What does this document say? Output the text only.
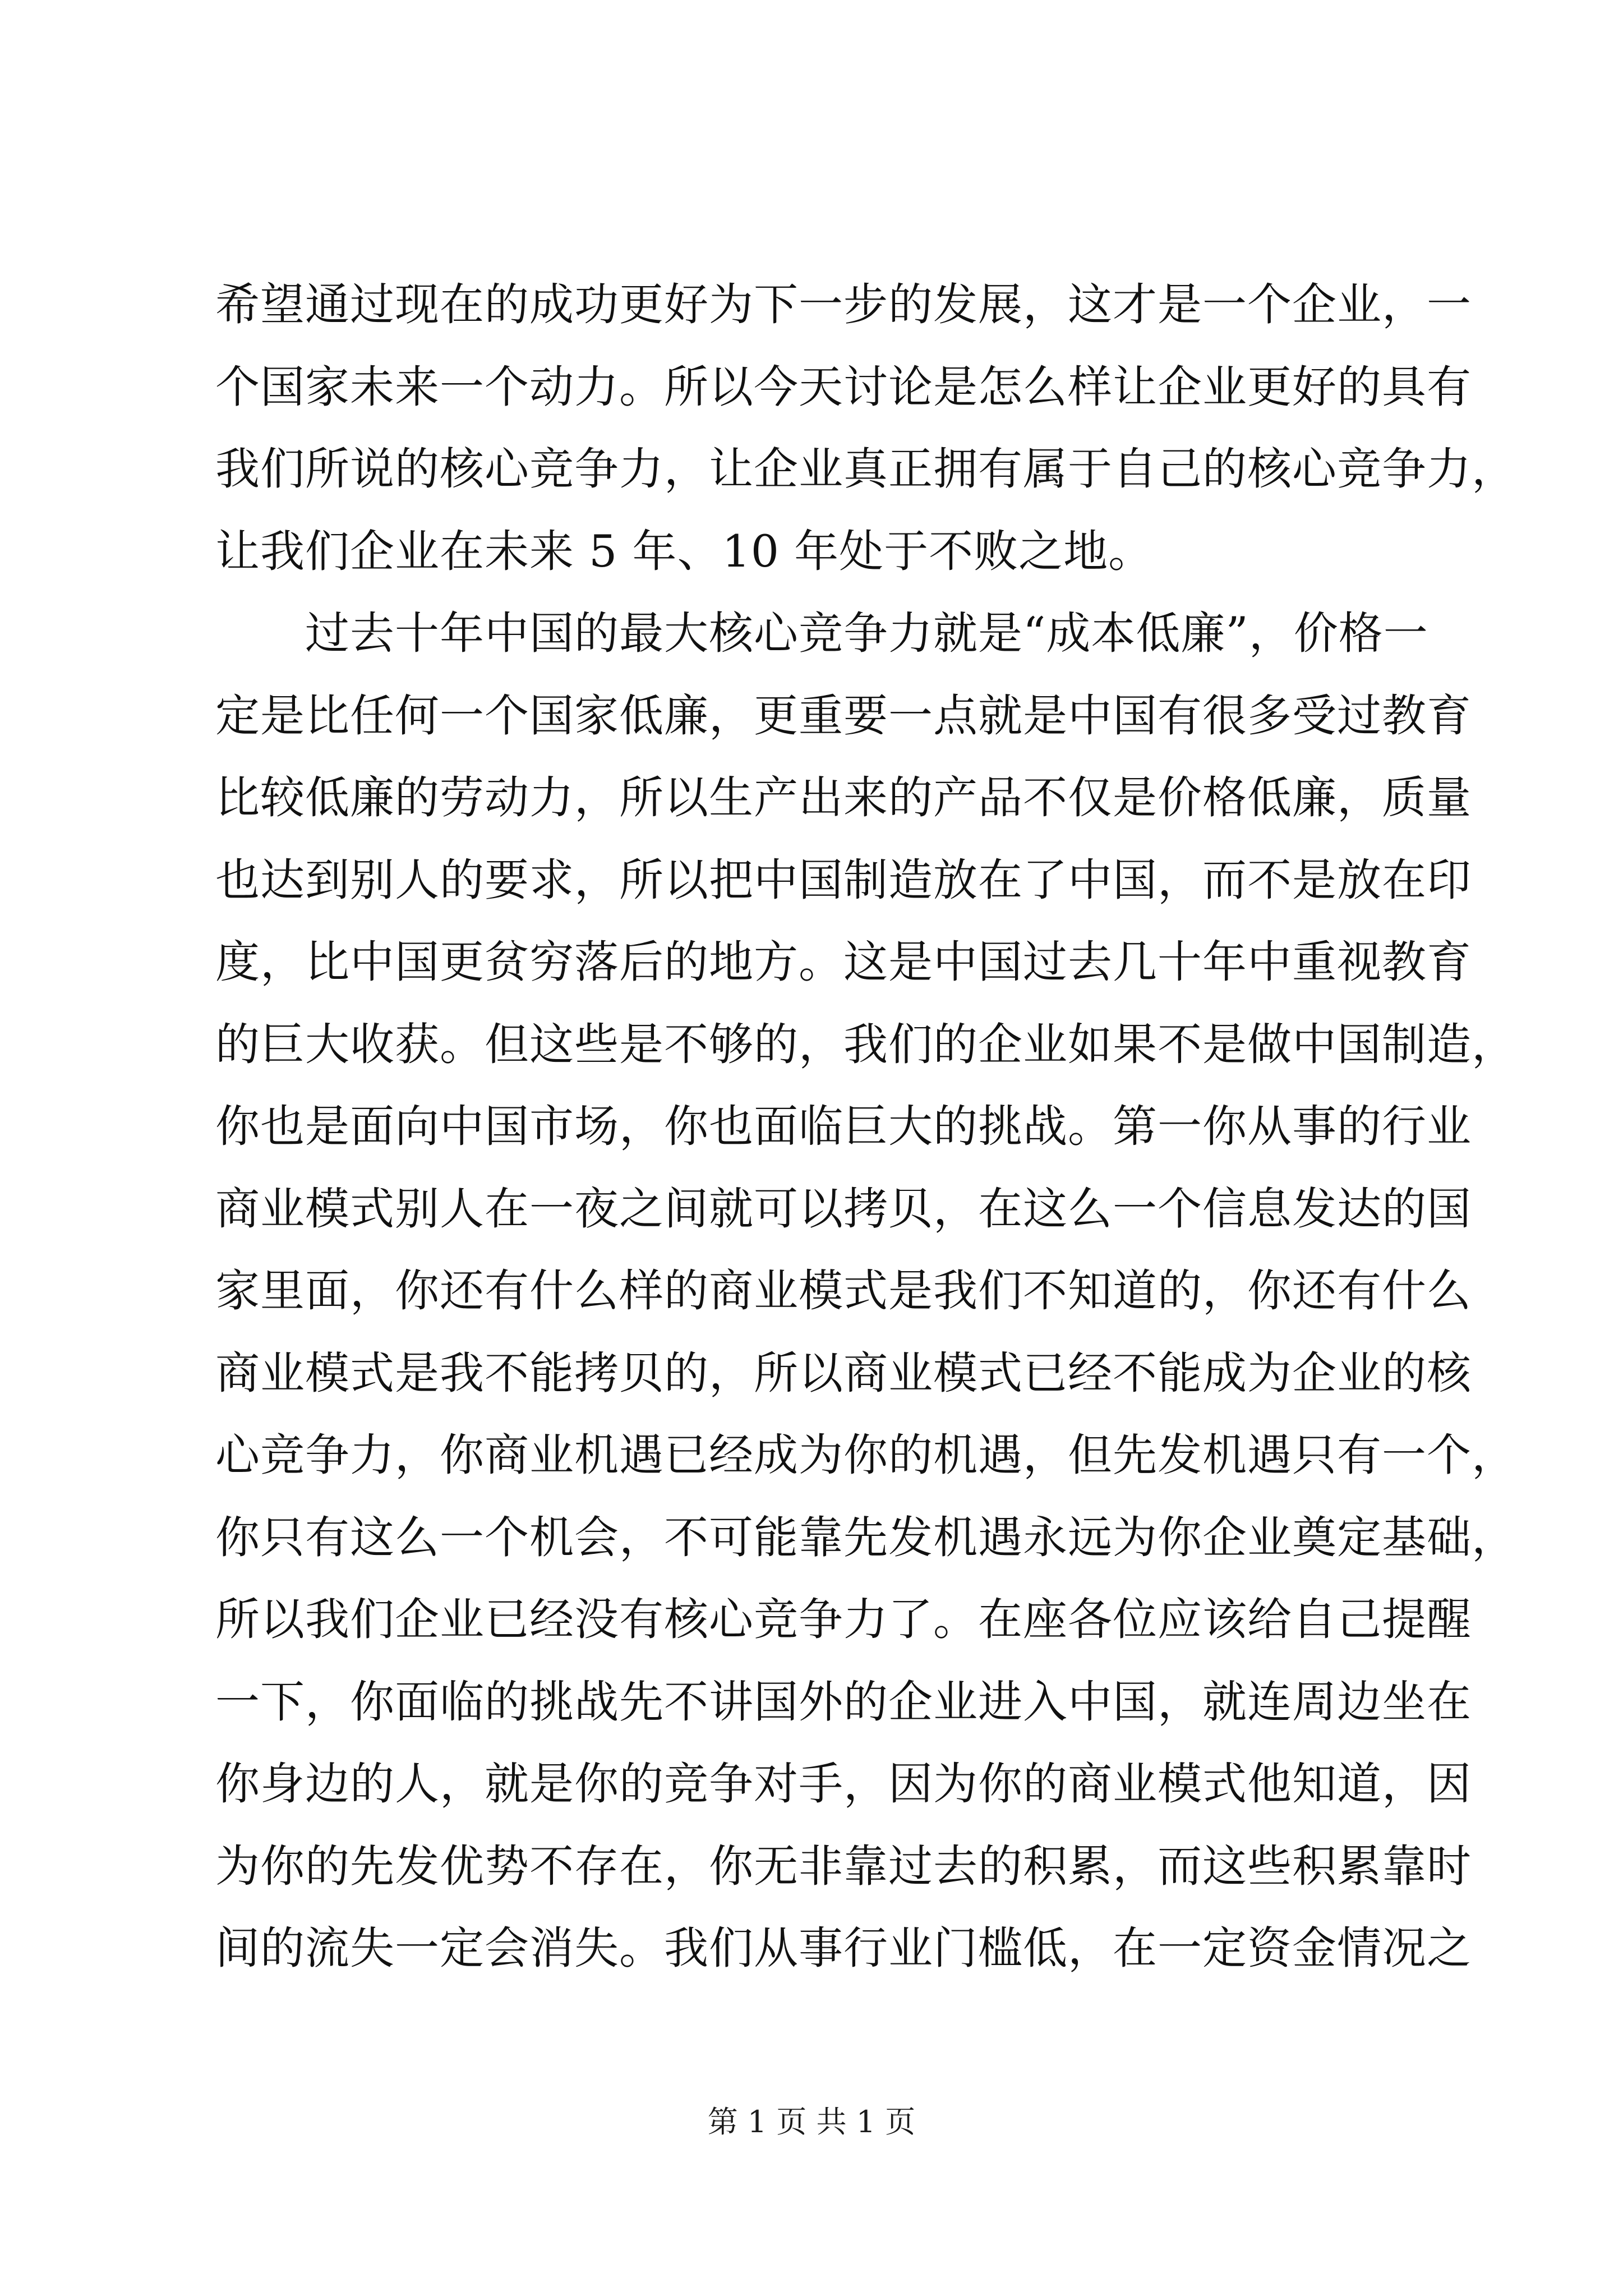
希望通过现在的成功更好为下一步的发展，这才是一个企业，一
个国家未来一个动力。所以今天讨论是怎么样让企业更好的具有
我们所说的核心竞争力，让企业真正拥有属于自己的核心竞争力，
让我们企业在未来 5 年、10 年处于不败之地。
　　过去十年中国的最大核心竞争力就是“成本低廉”，价格一
定是比任何一个国家低廉，更重要一点就是中国有很多受过教育
比较低廉的劳动力，所以生产出来的产品不仅是价格低廉，质量
也达到别人的要求，所以把中国制造放在了中国，而不是放在印
度，比中国更贫穷落后的地方。这是中国过去几十年中重视教育
的巨大收获。但这些是不够的，我们的企业如果不是做中国制造，
你也是面向中国市场，你也面临巨大的挑战。第一你从事的行业
商业模式别人在一夜之间就可以拷贝，在这么一个信息发达的国
家里面，你还有什么样的商业模式是我们不知道的，你还有什么
商业模式是我不能拷贝的，所以商业模式已经不能成为企业的核
心竞争力，你商业机遇已经成为你的机遇，但先发机遇只有一个，
你只有这么一个机会，不可能靠先发机遇永远为你企业奠定基础，
所以我们企业已经没有核心竞争力了。在座各位应该给自己提醒
一下，你面临的挑战先不讲国外的企业进入中国，就连周边坐在
你身边的人，就是你的竞争对手，因为你的商业模式他知道，因
为你的先发优势不存在，你无非靠过去的积累，而这些积累靠时
间的流失一定会消失。我们从事行业门槛低，在一定资金情况之
第 1 页 共 1 页
